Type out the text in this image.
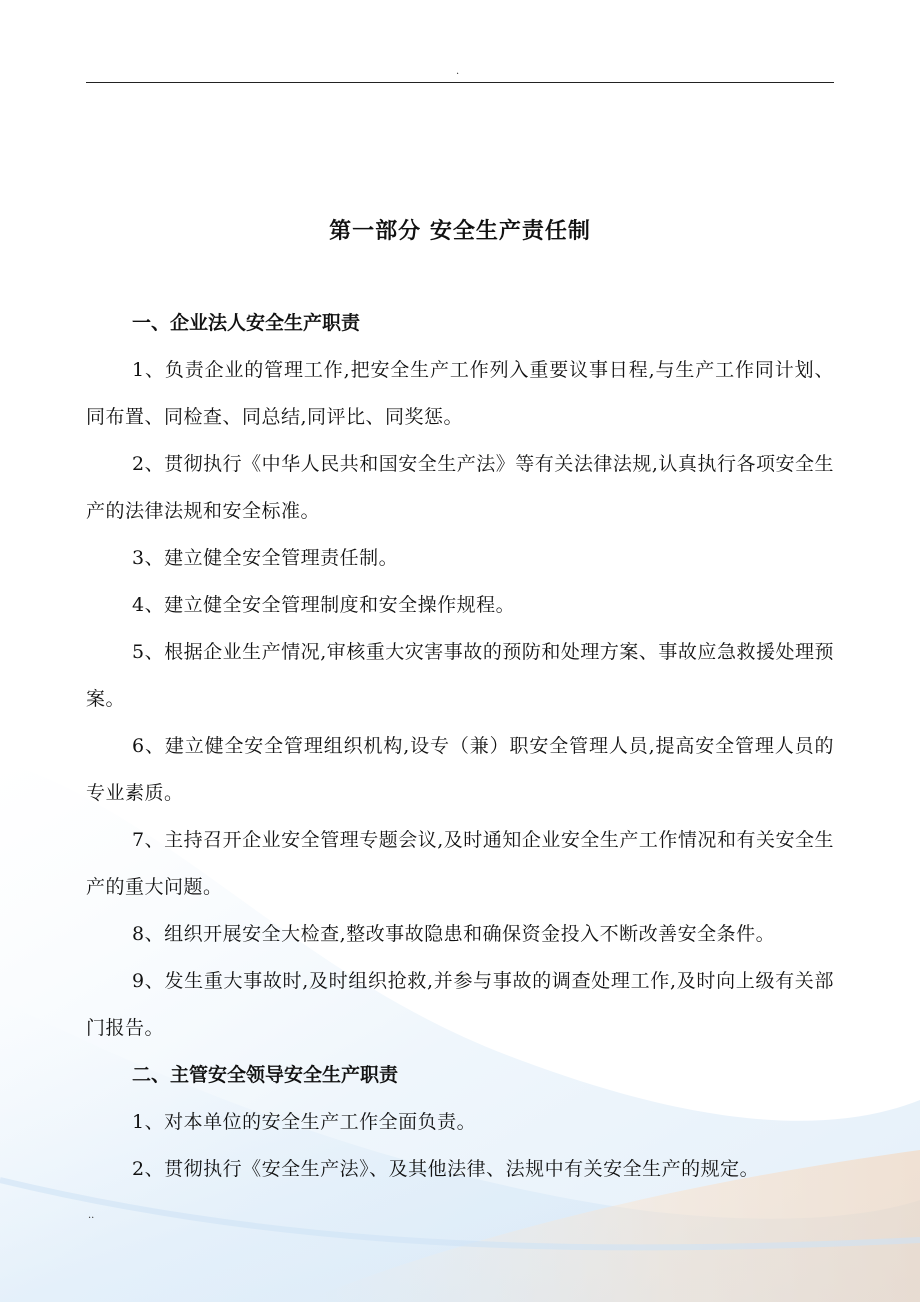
.
第一部分 安全生产责任制

一、企业法人安全生产职责

1、负责企业的管理工作,把安全生产工作列入重要议事日程,与生产工作同计划、同布置、同检查、同总结,同评比、同奖惩。

2、贯彻执行《中华人民共和国安全生产法》等有关法律法规,认真执行各项安全生产的法律法规和安全标准。

3、建立健全安全管理责任制。

4、建立健全安全管理制度和安全操作规程。

5、根据企业生产情况,审核重大灾害事故的预防和处理方案、事故应急救援处理预案。

6、建立健全安全管理组织机构,设专（兼）职安全管理人员,提高安全管理人员的专业素质。

7、主持召开企业安全管理专题会议,及时通知企业安全生产工作情况和有关安全生产的重大问题。

8、组织开展安全大检查,整改事故隐患和确保资金投入不断改善安全条件。

9、发生重大事故时,及时组织抢救,并参与事故的调查处理工作,及时向上级有关部门报告。

二、主管安全领导安全生产职责

1、对本单位的安全生产工作全面负责。

2、贯彻执行《安全生产法》、及其他法律、法规中有关安全生产的规定。

..
